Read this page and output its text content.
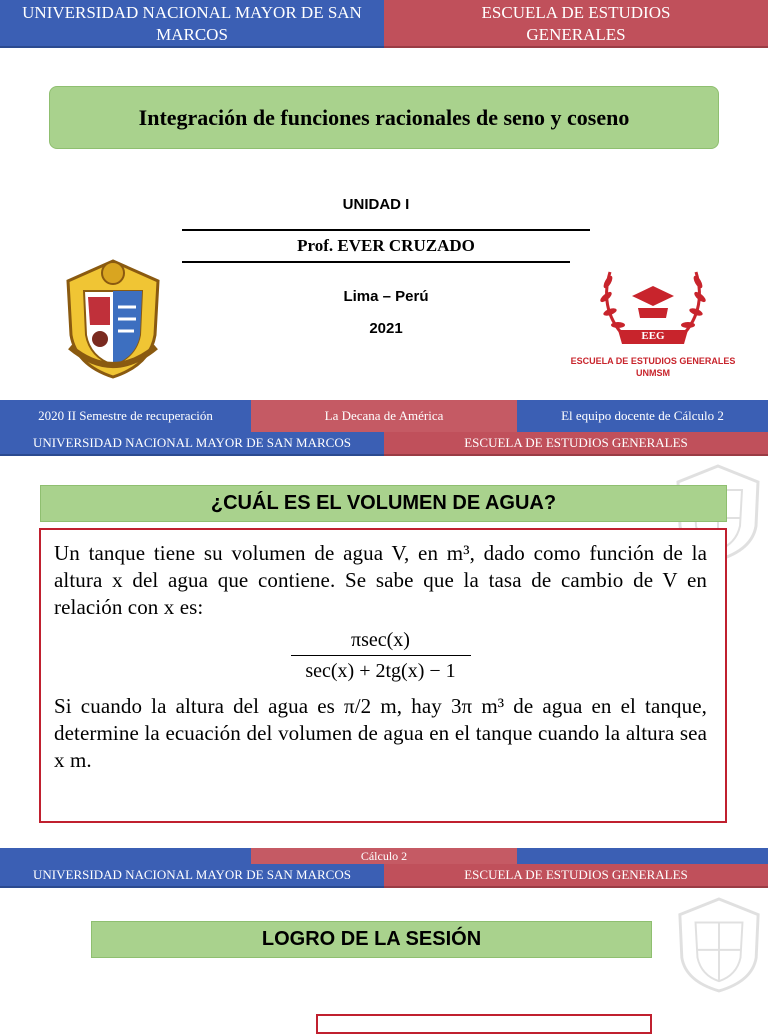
UNIVERSIDAD NACIONAL MAYOR DE SAN MARCOS
ESCUELA DE ESTUDIOS GENERALES
Integración de funciones racionales de seno y coseno
UNIDAD I
Prof. EVER CRUZADO
Lima – Perú
2021	EEG
ESCUELA DE ESTUDIOS GENERALES
UNMSM
2020 II Semestre de recuperación	La Decana de América	El equipo docente de Cálculo 2
UNIVERSIDAD NACIONAL MAYOR DE SAN MARCOS	ESCUELA DE ESTUDIOS GENERALES
¿CUÁL ES EL VOLUMEN DE AGUA?
Un tanque tiene su volumen de agua V, en m³, dado como función de la altura x del agua que contiene. Se sabe que la tasa de cambio de V en relación con x es:
πsec(x)
sec(x) + 2tg(x) − 1
Si cuando la altura del agua es π/2 m, hay 3π m³ de agua en el tanque, determine la ecuación del volumen de agua en el tanque cuando la altura sea x m.
Cálculo 2
UNIVERSIDAD NACIONAL MAYOR DE SAN MARCOS	ESCUELA DE ESTUDIOS GENERALES
LOGRO DE LA SESIÓN
